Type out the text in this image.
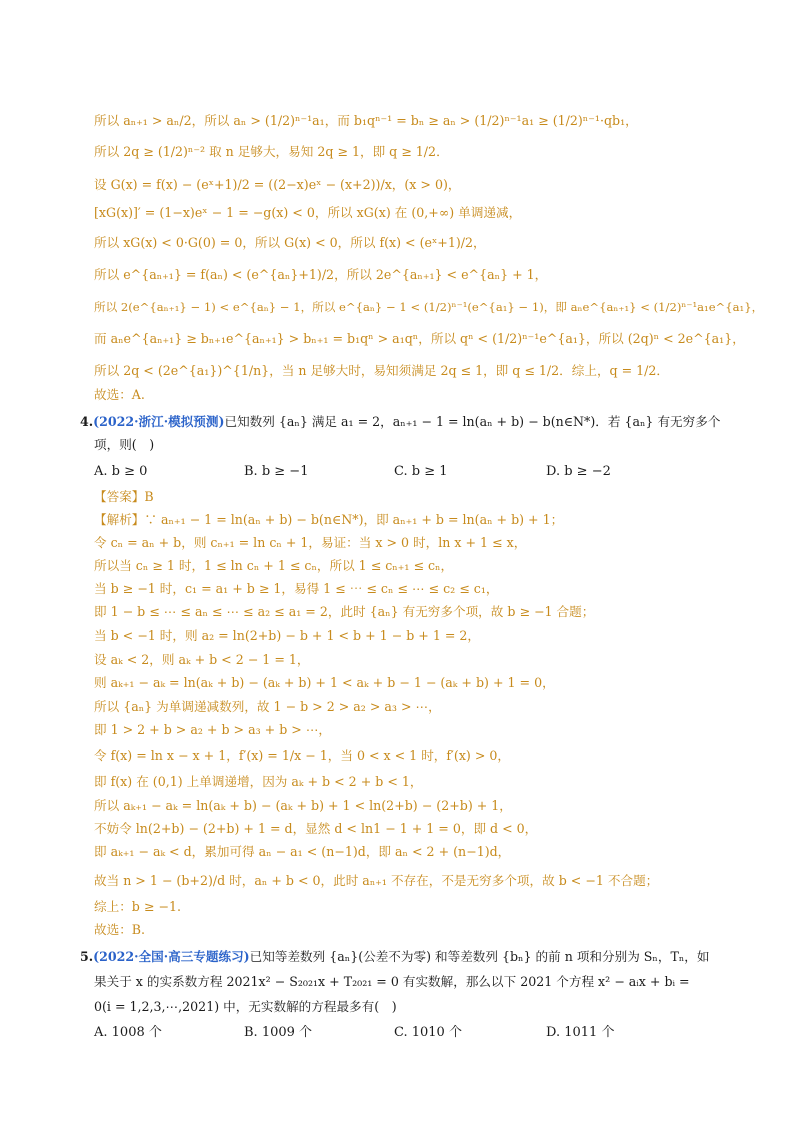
所以 aₙ₊₁ > aₙ/2，所以 aₙ > (1/2)ⁿ⁻¹a₁，而 b₁qⁿ⁻¹ = bₙ ≥ aₙ > (1/2)ⁿ⁻¹a₁ ≥ (1/2)ⁿ⁻¹·qb₁，
所以 2q ≥ (1/2)ⁿ⁻² 取 n 足够大，易知 2q ≥ 1，即 q ≥ 1/2．
设 G(x) = f(x) − (eˣ+1)/2 = ((2−x)eˣ − (x+2))/x，(x > 0)，
[xG(x)]′ = (1−x)eˣ − 1 = −g(x) < 0，所以 xG(x) 在 (0,+∞) 单调递减，
所以 xG(x) < 0·G(0) = 0，所以 G(x) < 0，所以 f(x) < (eˣ+1)/2，
所以 e^{aₙ₊₁} = f(aₙ) < (e^{aₙ}+1)/2，所以 2e^{aₙ₊₁} < e^{aₙ} + 1，
所以 2(e^{aₙ₊₁} − 1) < e^{aₙ} − 1，所以 e^{aₙ} − 1 < (1/2)ⁿ⁻¹(e^{a₁} − 1)，即 aₙe^{aₙ₊₁} < (1/2)ⁿ⁻¹a₁e^{a₁}，
而 aₙe^{aₙ₊₁} ≥ bₙ₊₁e^{aₙ₊₁} > bₙ₊₁ = b₁qⁿ > a₁qⁿ，所以 qⁿ < (1/2)ⁿ⁻¹e^{a₁}，所以 (2q)ⁿ < 2e^{a₁}，
所以 2q < (2e^{a₁})^{1/n}，当 n 足够大时，易知须满足 2q ≤ 1，即 q ≤ 1/2．综上，q = 1/2．
故选：A.
4.(2022·浙江·模拟预测)已知数列 {aₙ} 满足 a₁ = 2，aₙ₊₁ − 1 = ln(aₙ + b) − b(n∈N*)．若 {aₙ} 有无穷多个
项，则(　)
A. b ≥ 0	B. b ≥ −1	C. b ≥ 1	D. b ≥ −2
【答案】B
【解析】∵ aₙ₊₁ − 1 = ln(aₙ + b) − b(n∈N*)，即 aₙ₊₁ + b = ln(aₙ + b) + 1；
令 cₙ = aₙ + b，则 cₙ₊₁ = ln cₙ + 1，易证：当 x > 0 时，ln x + 1 ≤ x，
所以当 cₙ ≥ 1 时，1 ≤ ln cₙ + 1 ≤ cₙ，所以 1 ≤ cₙ₊₁ ≤ cₙ，
当 b ≥ −1 时，c₁ = a₁ + b ≥ 1，易得 1 ≤ ⋯ ≤ cₙ ≤ ⋯ ≤ c₂ ≤ c₁，
即 1 − b ≤ ⋯ ≤ aₙ ≤ ⋯ ≤ a₂ ≤ a₁ = 2，此时 {aₙ} 有无穷多个项，故 b ≥ −1 合题；
当 b < −1 时，则 a₂ = ln(2+b) − b + 1 < b + 1 − b + 1 = 2，
设 aₖ < 2，则 aₖ + b < 2 − 1 = 1，
则 aₖ₊₁ − aₖ = ln(aₖ + b) − (aₖ + b) + 1 < aₖ + b − 1 − (aₖ + b) + 1 = 0，
所以 {aₙ} 为单调递减数列，故 1 − b > 2 > a₂ > a₃ > ⋯，
即 1 > 2 + b > a₂ + b > a₃ + b > ⋯，
令 f(x) = ln x − x + 1，f′(x) = 1/x − 1，当 0 < x < 1 时，f′(x) > 0，
即 f(x) 在 (0,1) 上单调递增，因为 aₖ + b < 2 + b < 1，
所以 aₖ₊₁ − aₖ = ln(aₖ + b) − (aₖ + b) + 1 < ln(2+b) − (2+b) + 1，
不妨令 ln(2+b) − (2+b) + 1 = d，显然 d < ln1 − 1 + 1 = 0，即 d < 0，
即 aₖ₊₁ − aₖ < d，累加可得 aₙ − a₁ < (n−1)d，即 aₙ < 2 + (n−1)d，
故当 n > 1 − (b+2)/d 时，aₙ + b < 0，此时 aₙ₊₁ 不存在，不是无穷多个项，故 b < −1 不合题；
综上：b ≥ −1.
故选：B.
5.(2022·全国·高三专题练习)已知等差数列 {aₙ}(公差不为零) 和等差数列 {bₙ} 的前 n 项和分别为 Sₙ，Tₙ，如
果关于 x 的实系数方程 2021x² − S₂₀₂₁x + T₂₀₂₁ = 0 有实数解，那么以下 2021 个方程 x² − aᵢx + bᵢ =
0(i = 1,2,3,⋯,2021) 中，无实数解的方程最多有(　)
A. 1008 个	B. 1009 个	C. 1010 个	D. 1011 个
